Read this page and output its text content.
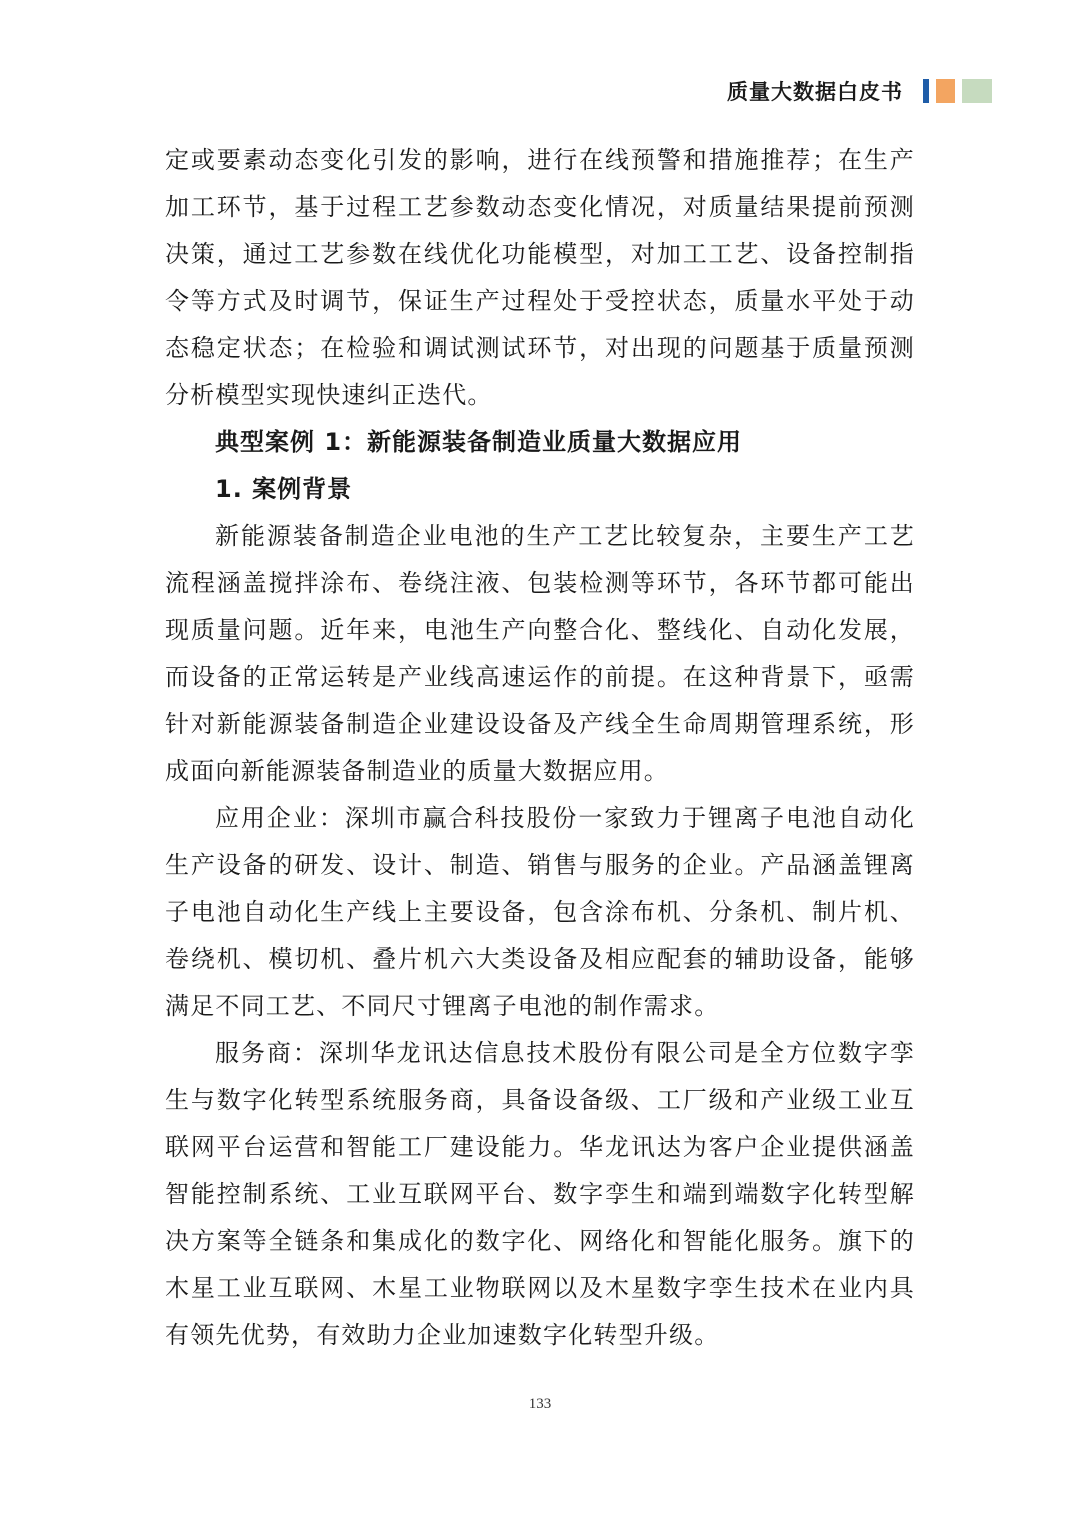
质量大数据白皮书

定或要素动态变化引发的影响，进行在线预警和措施推荐；在生产加工环节，基于过程工艺参数动态变化情况，对质量结果提前预测决策，通过工艺参数在线优化功能模型，对加工工艺、设备控制指令等方式及时调节，保证生产过程处于受控状态，质量水平处于动态稳定状态；在检验和调试测试环节，对出现的问题基于质量预测分析模型实现快速纠正迭代。

典型案例 1：新能源装备制造业质量大数据应用

1. 案例背景

新能源装备制造企业电池的生产工艺比较复杂，主要生产工艺流程涵盖搅拌涂布、卷绕注液、包装检测等环节，各环节都可能出现质量问题。近年来，电池生产向整合化、整线化、自动化发展，而设备的正常运转是产业线高速运作的前提。在这种背景下，亟需针对新能源装备制造企业建设设备及产线全生命周期管理系统，形成面向新能源装备制造业的质量大数据应用。

应用企业：深圳市赢合科技股份一家致力于锂离子电池自动化生产设备的研发、设计、制造、销售与服务的企业。产品涵盖锂离子电池自动化生产线上主要设备，包含涂布机、分条机、制片机、卷绕机、模切机、叠片机六大类设备及相应配套的辅助设备，能够满足不同工艺、不同尺寸锂离子电池的制作需求。

服务商：深圳华龙讯达信息技术股份有限公司是全方位数字孪生与数字化转型系统服务商，具备设备级、工厂级和产业级工业互联网平台运营和智能工厂建设能力。华龙讯达为客户企业提供涵盖智能控制系统、工业互联网平台、数字孪生和端到端数字化转型解决方案等全链条和集成化的数字化、网络化和智能化服务。旗下的木星工业互联网、木星工业物联网以及木星数字孪生技术在业内具有领先优势，有效助力企业加速数字化转型升级。

133
